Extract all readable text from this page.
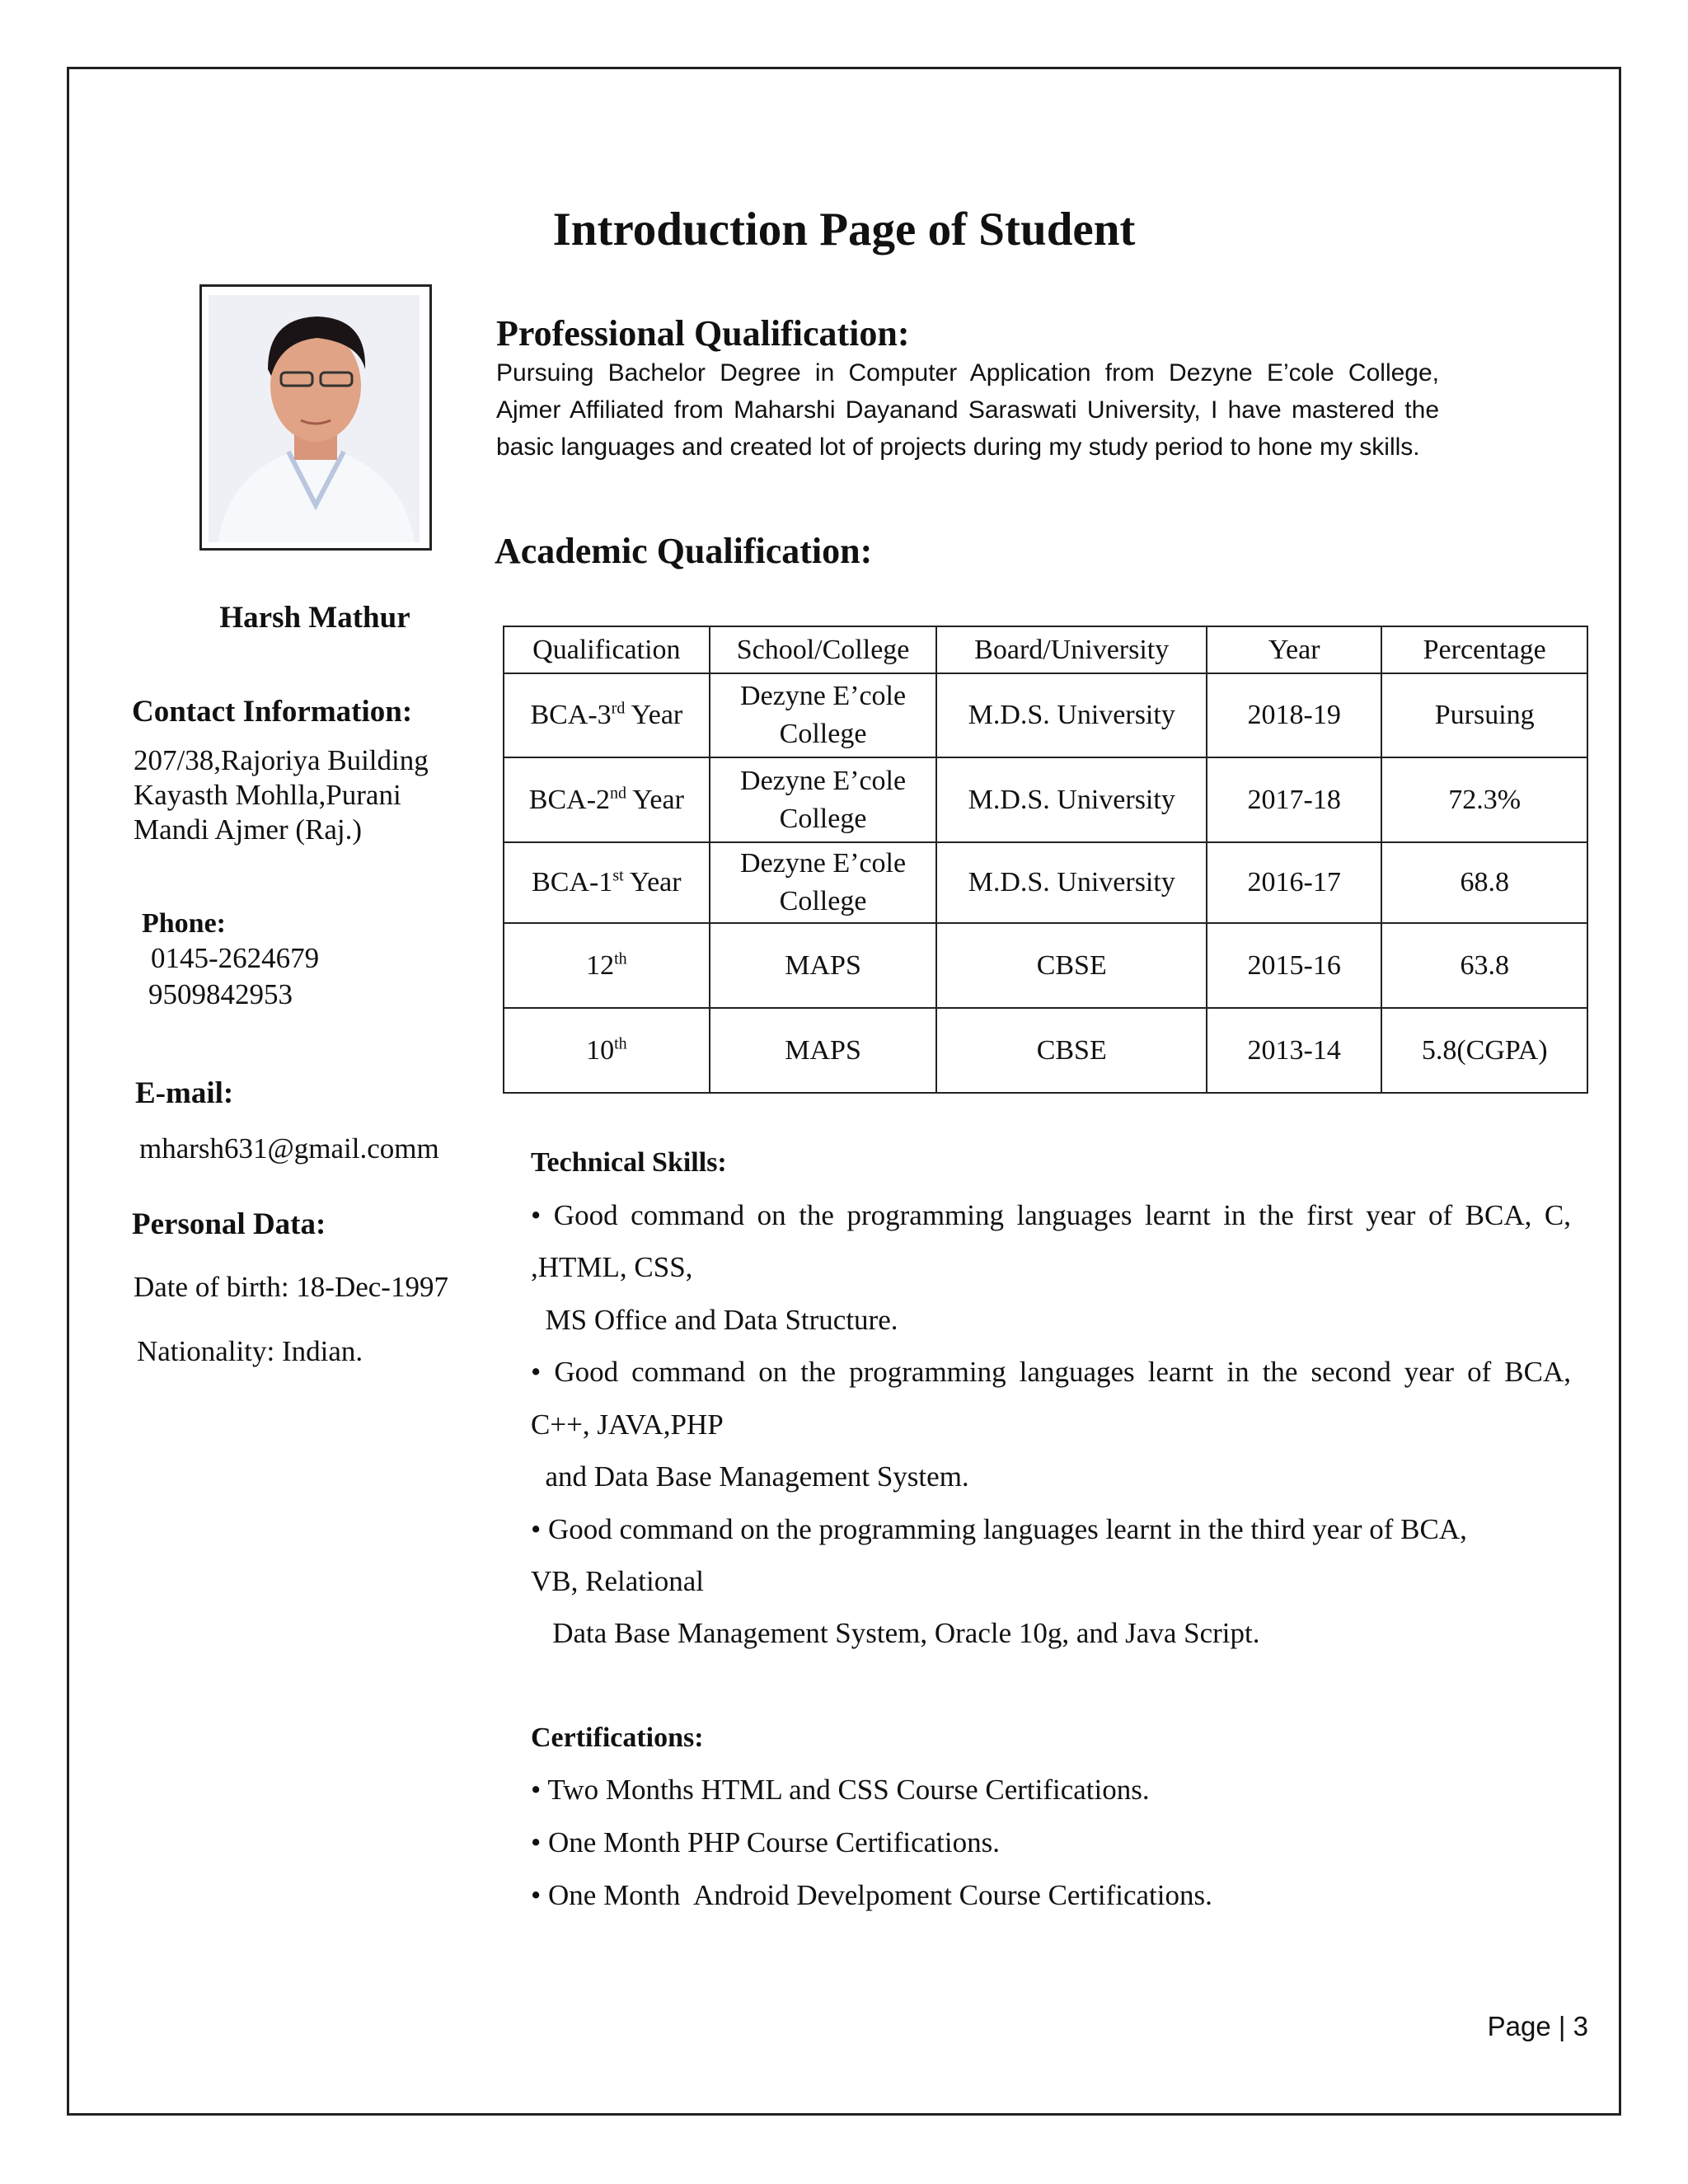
Introduction Page of Student
Harsh Mathur
Contact Information:
207/38,Rajoriya Building
Kayasth Mohlla,Purani
Mandi Ajmer (Raj.)
Phone:
0145-2624679
9509842953
E-mail:
mharsh631@gmail.comm
Personal Data:
Date of birth: 18-Dec-1997
Nationality: Indian.
Professional Qualification:
Pursuing Bachelor Degree in Computer Application from Dezyne E’cole College, Ajmer Affiliated from Maharshi Dayanand Saraswati University, I have mastered the basic languages and created lot of projects during my study period to hone my skills.
Academic Qualification:
Qualification	School/College	Board/University	Year	Percentage
BCA-3rd Year	Dezyne E’cole College	M.D.S. University	2018-19	Pursuing
BCA-2nd Year	Dezyne E’cole College	M.D.S. University	2017-18	72.3%
BCA-1st Year	Dezyne E’cole College	M.D.S. University	2016-17	68.8
12th	MAPS	CBSE	2015-16	63.8
10th	MAPS	CBSE	2013-14	5.8(CGPA)
Technical Skills:
• Good command on the programming languages learnt in the first year of BCA, C,
,HTML, CSS,
MS Office and Data Structure.
• Good command on the programming languages learnt in the second year of BCA,
C++, JAVA,PHP
and Data Base Management System.
• Good command on the programming languages learnt in the third year of BCA,
VB, Relational
Data Base Management System, Oracle 10g, and Java Script.
Certifications:
• Two Months HTML and CSS Course Certifications.
• One Month PHP Course Certifications.
• One Month  Android Develpoment Course Certifications.
Page | 3
